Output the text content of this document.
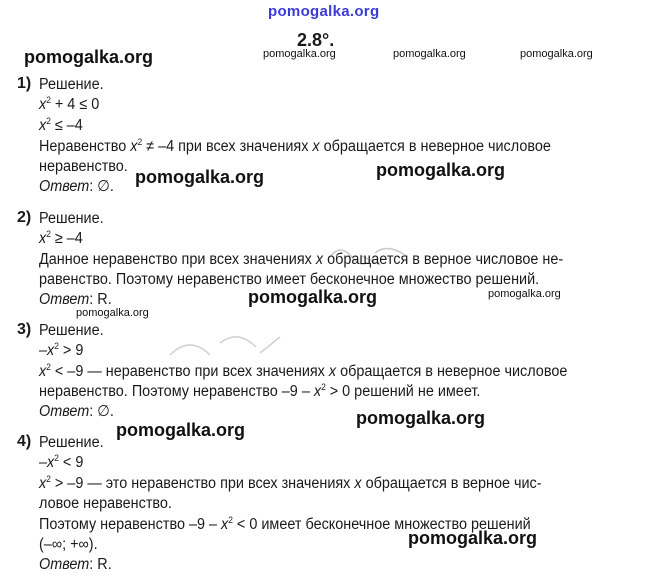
pomogalka.org
pomogalka.org
pomogalka.org	pomogalka.org
pomogalka.org
pomogalka.org
pomogalka.org
pomogalka.org
pomogalka.org	pomogalka.org	pomogalka.org
pomogalka.org
pomogalka.org
2.8°.
1) Решение.
$x^2 + 4 \le 0$
$x^2 \le -4$
Неравенство $x^2 \ne -4$ при всех значениях x обращается в неверное числовое
неравенство.
Ответ: ∅.
2) Решение.
$x^2 \ge -4$
Данное неравенство при всех значениях x обращается в верное числовое не-
равенство. Поэтому неравенство имеет бесконечное множество решений.
Ответ: R.
3) Решение.
$-x^2 > 9$
$x^2 < -9$ — неравенство при всех значениях x обращается в неверное числовое
неравенство. Поэтому неравенство $-9 - x^2 > 0$ решений не имеет.
Ответ: ∅.
4) Решение.
$-x^2 < 9$
$x^2 > -9$ — это неравенство при всех значениях x обращается в верное чис-
ловое неравенство.
Поэтому неравенство $-9 - x^2 < 0$ имеет бесконечное множество решений
(–∞; +∞).
Ответ: R.
